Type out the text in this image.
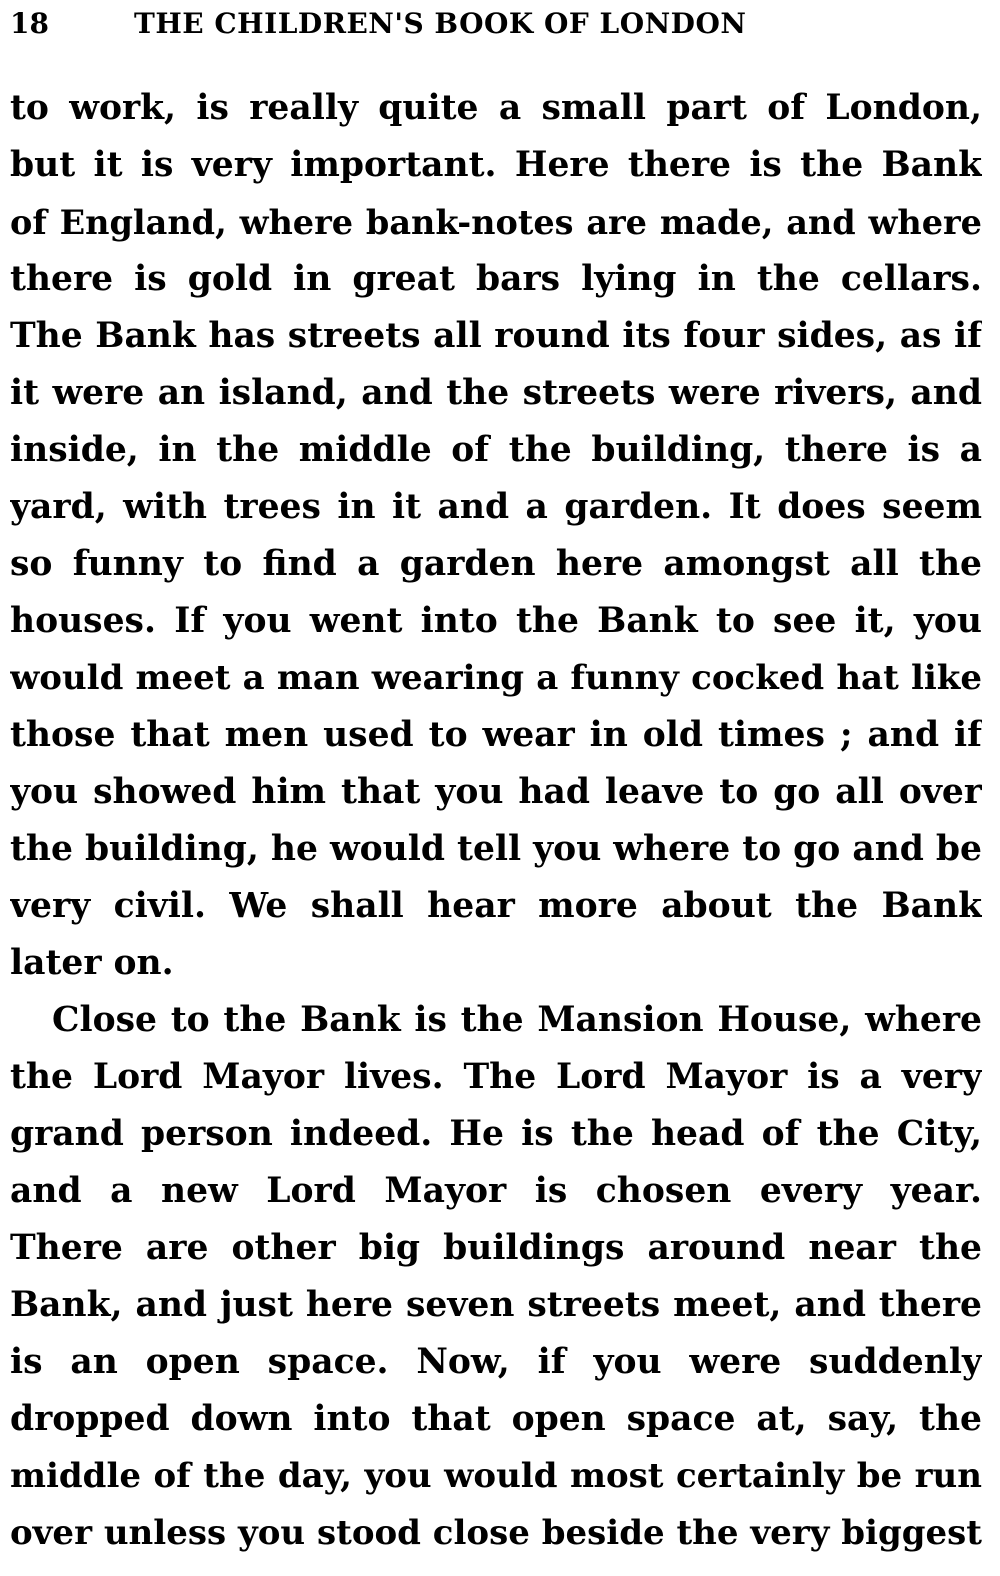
18	THE CHILDREN'S BOOK OF LONDON
to work, is really quite a small part of London,
but it is very important. Here there is the Bank
of England, where bank-notes are made, and where
there is gold in great bars lying in the cellars.
The Bank has streets all round its four sides, as if
it were an island, and the streets were rivers, and
inside, in the middle of the building, there is a
yard, with trees in it and a garden. It does seem
so funny to find a garden here amongst all the
houses. If you went into the Bank to see it, you
would meet a man wearing a funny cocked hat like
those that men used to wear in old times ; and if
you showed him that you had leave to go all over
the building, he would tell you where to go and be
very civil. We shall hear more about the Bank
later on.
Close to the Bank is the Mansion House, where
the Lord Mayor lives. The Lord Mayor is a very
grand person indeed. He is the head of the City,
and a new Lord Mayor is chosen every year.
There are other big buildings around near the
Bank, and just here seven streets meet, and there
is an open space. Now, if you were suddenly
dropped down into that open space at, say, the
middle of the day, you would most certainly be run
over unless you stood close beside the very biggest
